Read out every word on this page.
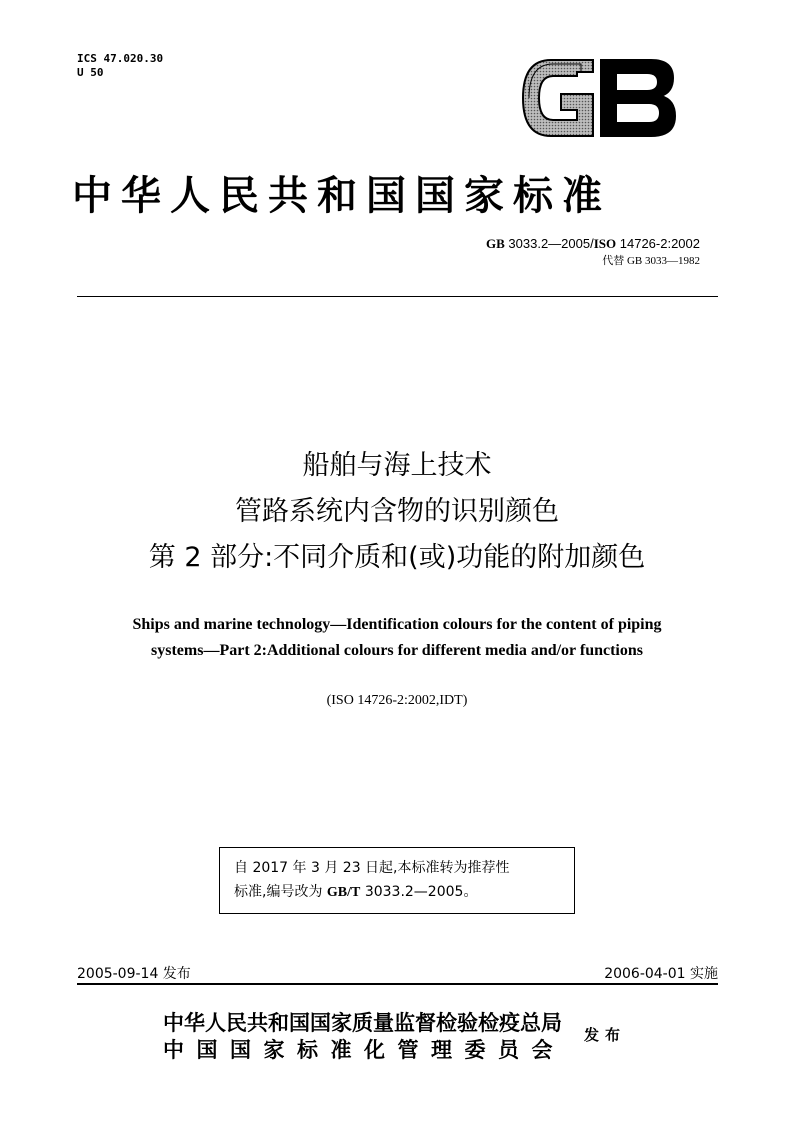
ICS 47.020.30
U 50
GB
中华人民共和国国家标准
GB 3033.2—2005/ISO 14726-2:2002
代替 GB 3033—1982
船舶与海上技术
管路系统内含物的识别颜色
第 2 部分:不同介质和(或)功能的附加颜色
Ships and marine technology—Identification colours for the content of piping
systems—Part 2:Additional colours for different media and/or functions
(ISO 14726-2:2002,IDT)
自 2017 年 3 月 23 日起,本标准转为推荐性
标准,编号改为 GB/T 3033.2—2005。
2005-09-14 发布	2006-04-01 实施
中华人民共和国国家质量监督检验检疫总局
中国国家标准化管理委员会
发布
